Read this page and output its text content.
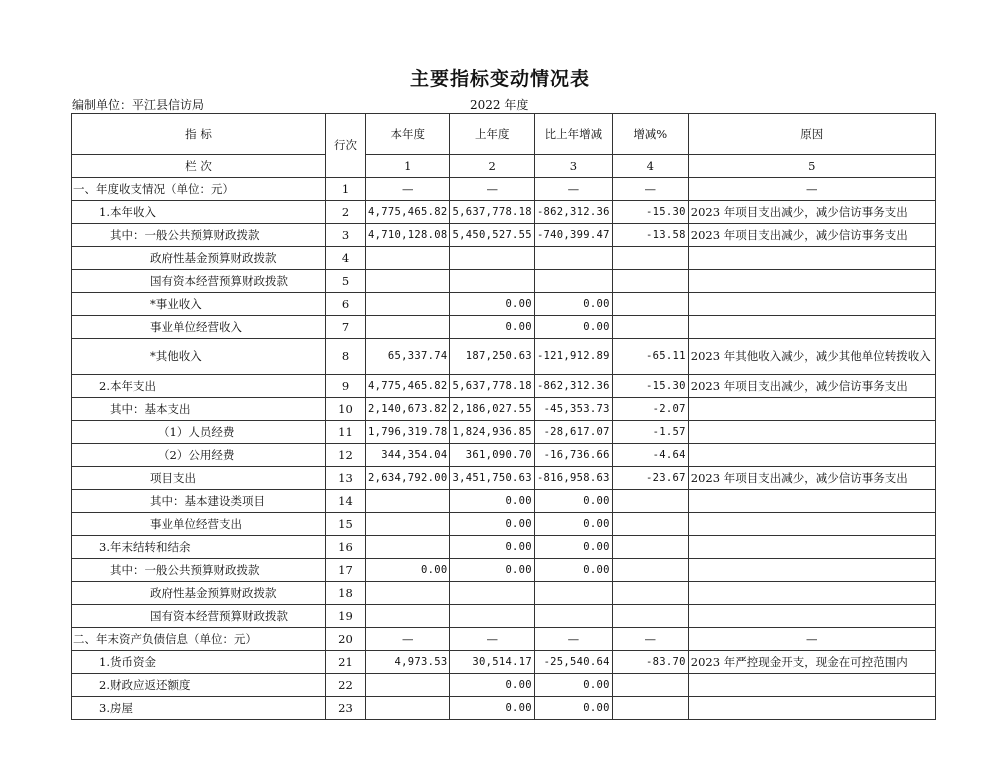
主要指标变动情况表
编制单位：平江县信访局	2022 年度
指 标	行次	本年度	上年度	比上年增减	增减%	原因
栏 次		1	2	3	4	5
一、年度收支情况（单位：元）	1	—	—	—	—	—
1.本年收入	2	4,775,465.82	5,637,778.18	-862,312.36	-15.30	2023 年项目支出减少，减少信访事务支出
其中：一般公共预算财政拨款	3	4,710,128.08	5,450,527.55	-740,399.47	-13.58	2023 年项目支出减少，减少信访事务支出
政府性基金预算财政拨款	4					
国有资本经营预算财政拨款	5					
*事业收入	6		0.00	0.00		
事业单位经营收入	7		0.00	0.00		
*其他收入	8	65,337.74	187,250.63	-121,912.89	-65.11	2023 年其他收入减少，减少其他单位转拨收入
2.本年支出	9	4,775,465.82	5,637,778.18	-862,312.36	-15.30	2023 年项目支出减少，减少信访事务支出
其中：基本支出	10	2,140,673.82	2,186,027.55	-45,353.73	-2.07	
（1）人员经费	11	1,796,319.78	1,824,936.85	-28,617.07	-1.57	
（2）公用经费	12	344,354.04	361,090.70	-16,736.66	-4.64	
项目支出	13	2,634,792.00	3,451,750.63	-816,958.63	-23.67	2023 年项目支出减少，减少信访事务支出
其中：基本建设类项目	14		0.00	0.00		
事业单位经营支出	15		0.00	0.00		
3.年末结转和结余	16		0.00	0.00		
其中：一般公共预算财政拨款	17	0.00	0.00	0.00		
政府性基金预算财政拨款	18					
国有资本经营预算财政拨款	19					
二、年末资产负债信息（单位：元）	20	—	—	—	—	—
1.货币资金	21	4,973.53	30,514.17	-25,540.64	-83.70	2023 年严控现金开支，现金在可控范围内
2.财政应返还额度	22		0.00	0.00		
3.房屋	23		0.00	0.00		
